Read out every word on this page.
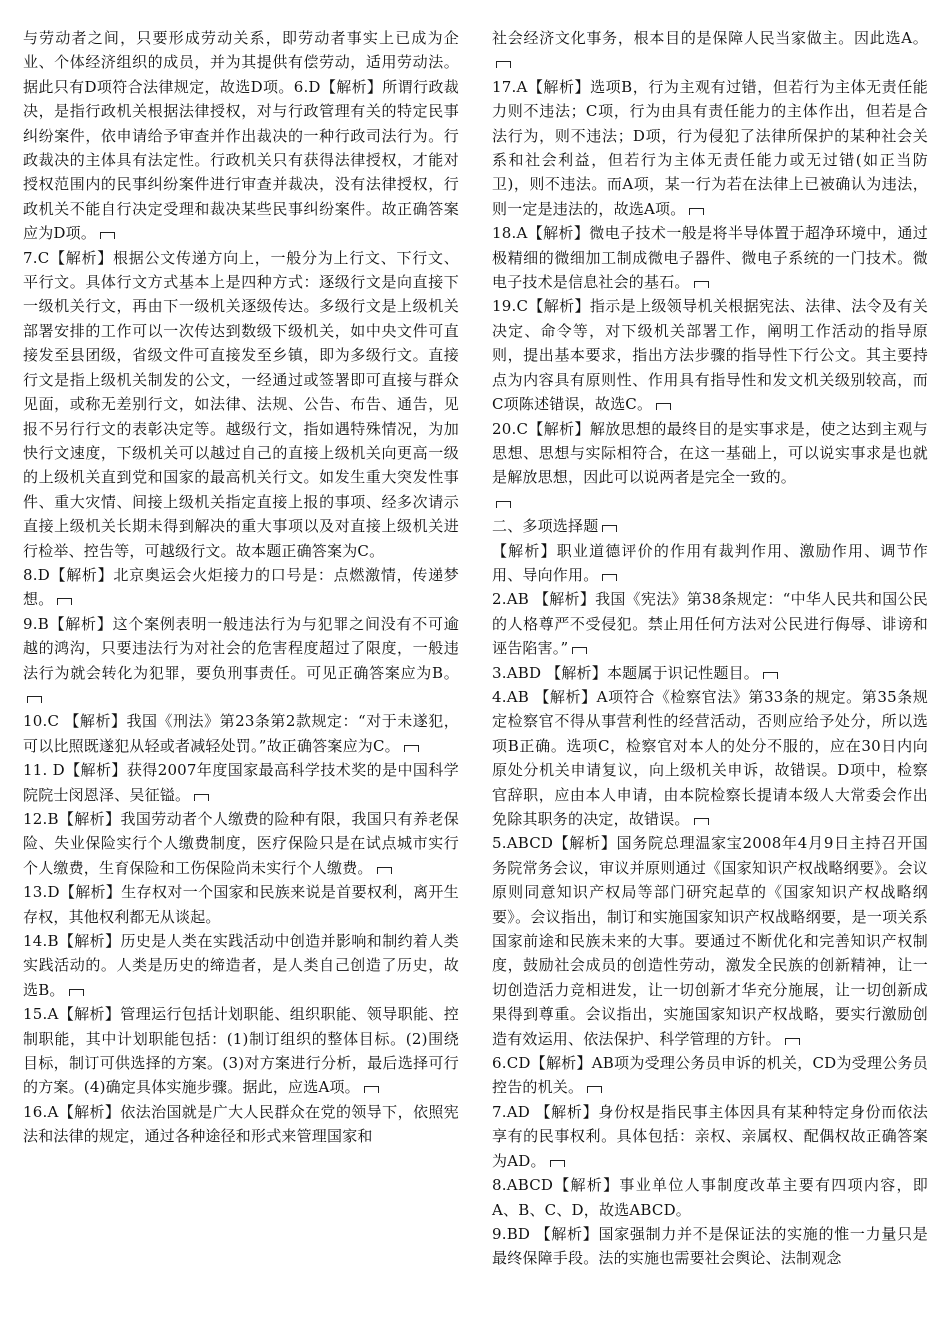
与劳动者之间，只要形成劳动关系，即劳动者事实上已成为企业、个体经济组织的成员，并为其提供有偿劳动，适用劳动法。据此只有D项符合法律规定，故选D项。6.D【解析】所谓行政裁决，是指行政机关根据法律授权，对与行政管理有关的特定民事纠纷案件，依申请给予审查并作出裁决的一种行政司法行为。行政裁决的主体具有法定性。行政机关只有获得法律授权，才能对授权范围内的民事纠纷案件进行审查并裁决，没有法律授权，行政机关不能自行决定受理和裁决某些民事纠纷案件。故正确答案应为D项。

7.C【解析】根据公文传递方向上，一般分为上行文、下行文、平行文。具体行文方式基本上是四种方式：逐级行文是向直接下一级机关行文，再由下一级机关逐级传达。多级行文是上级机关部署安排的工作可以一次传达到数级下级机关，如中央文件可直接发至县团级，省级文件可直接发至乡镇，即为多级行文。直接行文是指上级机关制发的公文，一经通过或签署即可直接与群众见面，或称无差别行文，如法律、法规、公告、布告、通告，见报不另行行文的表彰决定等。越级行文，指如遇特殊情况，为加快行文速度，下级机关可以越过自己的直接上级机关向更高一级的上级机关直到党和国家的最高机关行文。如发生重大突发性事件、重大灾情、间接上级机关指定直接上报的事项、经多次请示直接上级机关长期未得到解决的重大事项以及对直接上级机关进行检举、控告等，可越级行文。故本题正确答案为C。

8.D【解析】北京奥运会火炬接力的口号是：点燃激情，传递梦想。

9.B【解析】这个案例表明一般违法行为与犯罪之间没有不可逾越的鸿沟，只要违法行为对社会的危害程度超过了限度，一般违法行为就会转化为犯罪，要负刑事责任。可见正确答案应为B。

10.C 【解析】我国《刑法》第23条第2款规定：“对于未遂犯，可以比照既遂犯从轻或者减轻处罚。”故正确答案应为C。

11. D【解析】获得2007年度国家最高科学技术奖的是中国科学院院士闵恩泽、吴征镒。

12.B【解析】我国劳动者个人缴费的险种有限，我国只有养老保险、失业保险实行个人缴费制度，医疗保险只是在试点城市实行个人缴费，生育保险和工伤保险尚未实行个人缴费。

13.D【解析】生存权对一个国家和民族来说是首要权利，离开生存权，其他权利都无从谈起。

14.B【解析】历史是人类在实践活动中创造并影响和制约着人类实践活动的。人类是历史的缔造者，是人类自己创造了历史，故选B。

15.A【解析】管理运行包括计划职能、组织职能、领导职能、控制职能，其中计划职能包括：(1)制订组织的整体目标。(2)围绕目标，制订可供选择的方案。(3)对方案进行分析，最后选择可行的方案。(4)确定具体实施步骤。据此，应选A项。

16.A【解析】依法治国就是广大人民群众在党的领导下，依照宪法和法律的规定，通过各种途径和形式来管理国家和

社会经济文化事务，根本目的是保障人民当家做主。因此选A。

17.A【解析】选项B，行为主观有过错，但若行为主体无责任能力则不违法；C项，行为由具有责任能力的主体作出，但若是合法行为，则不违法；D项，行为侵犯了法律所保护的某种社会关系和社会利益，但若行为主体无责任能力或无过错(如正当防卫)，则不违法。而A项，某一行为若在法律上已被确认为违法，则一定是违法的，故选A项。

18.A【解析】微电子技术一般是将半导体置于超净环境中，通过极精细的微细加工制成微电子器件、微电子系统的一门技术。微电子技术是信息社会的基石。

19.C【解析】指示是上级领导机关根据宪法、法律、法令及有关决定、命令等，对下级机关部署工作，阐明工作活动的指导原则，提出基本要求，指出方法步骤的指导性下行公文。其主要持点为内容具有原则性、作用具有指导性和发文机关级别较高，而C项陈述错误，故选C。

20.C【解析】解放思想的最终目的是实事求是，使之达到主观与思想、思想与实际相符合，在这一基础上，可以说实事求是也就是解放思想，因此可以说两者是完全一致的。

二、多项选择题

【解析】职业道德评价的作用有裁判作用、激励作用、调节作用、导向作用。

2.AB 【解析】我国《宪法》第38条规定：“中华人民共和国公民的人格尊严不受侵犯。禁止用任何方法对公民进行侮辱、诽谤和诬告陷害。”

3.ABD 【解析】本题属于识记性题目。

4.AB 【解析】A项符合《检察官法》第33条的规定。第35条规定检察官不得从事营利性的经营活动，否则应给予处分，所以选项B正确。选项C，检察官对本人的处分不服的，应在30日内向原处分机关申请复议，向上级机关申诉，故错误。D项中，检察官辞职，应由本人申请，由本院检察长提请本级人大常委会作出免除其职务的决定，故错误。

5.ABCD【解析】国务院总理温家宝2008年4月9日主持召开国务院常务会议，审议并原则通过《国家知识产权战略纲要》。会议原则同意知识产权局等部门研究起草的《国家知识产权战略纲要》。会议指出，制订和实施国家知识产权战略纲要，是一项关系国家前途和民族未来的大事。要通过不断优化和完善知识产权制度，鼓励社会成员的创造性劳动，激发全民族的创新精神，让一切创造活力竞相进发，让一切创新才华充分施展，让一切创新成果得到尊重。会议指出，实施国家知识产权战略，要实行激励创造有效运用、依法保护、科学管理的方针。

6.CD【解析】AB项为受理公务员申诉的机关，CD为受理公务员控告的机关。

7.AD 【解析】身份权是指民事主体因具有某种特定身份而依法享有的民事权利。具体包括：亲权、亲属权、配偶权故正确答案为AD。

8.ABCD【解析】事业单位人事制度改革主要有四项内容，即A、B、C、D，故选ABCD。

9.BD 【解析】国家强制力并不是保证法的实施的惟一力量只是最终保障手段。法的实施也需要社会舆论、法制观念
